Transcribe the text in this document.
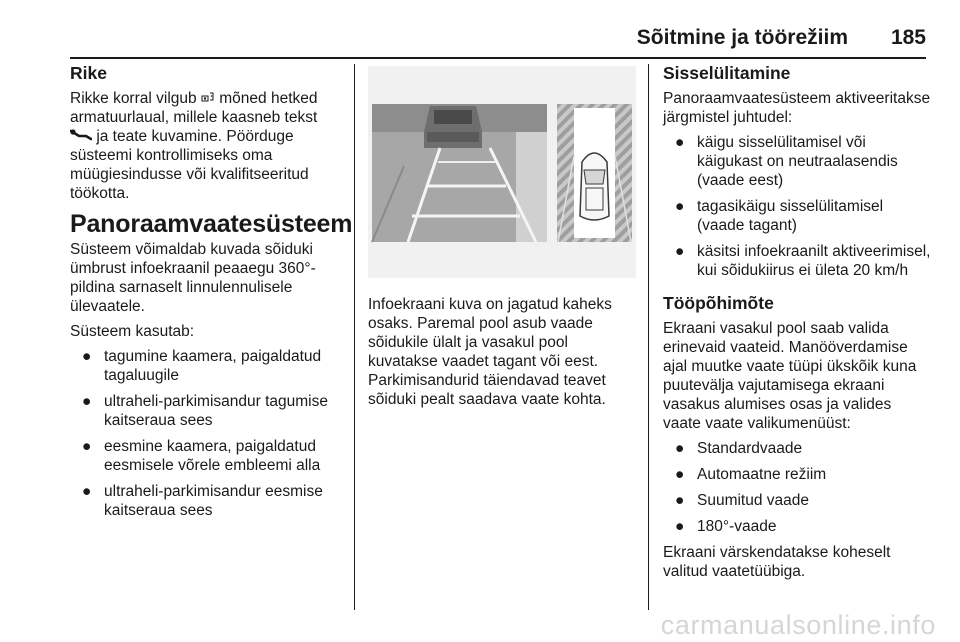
Sõitmine ja töörežiim 185
Rike

Rikke korral vilgub mõned hetked armatuurlaual, millele kaasneb tekst  ja teate kuvamine. Pöörduge süsteemi kontrollimiseks oma müügiesindusse või kvalifitseeritud töökotta.

Panoraamvaatesüsteem

Süsteem võimaldab kuvada sõiduki ümbrust infoekraanil peaaegu 360°-pildina sarnaselt linnulennulisele ülevaatele.

Süsteem kasutab:

● tagumine kaamera, paigaldatud tagaluugile
● ultraheli-parkimisandur tagumise kaitseraua sees
● eesmine kaamera, paigaldatud eesmisele võrele embleemi alla
● ultraheli-parkimisandur eesmise kaitseraua sees

Infoekraani kuva on jagatud kaheks osaks. Paremal pool asub vaade sõidukile ülalt ja vasakul pool kuvatakse vaadet tagant või eest. Parkimisandurid täiendavad teavet sõiduki pealt saadava vaate kohta.

Sisselülitamine

Panoraamvaatesüsteem aktiveeritakse järgmistel juhtudel:

● käigu sisselülitamisel või käigukast on neutraalasendis (vaade eest)
● tagasikäigu sisselülitamisel (vaade tagant)
● käsitsi infoekraanilt aktiveerimisel, kui sõidukiirus ei ületa 20 km/h
Tööpõhimõte

Ekraani vasakul pool saab valida erinevaid vaateid. Manööverdamise ajal muutke vaate tüüpi ükskõik kuna puutevälja vajutamisega ekraani vasakus alumises osas ja valides vaate vaate valikumenüüst:

● Standardvaade
● Automaatne režiim
● Suumitud vaade
● 180°-vaade

Ekraani värskendatakse koheselt valitud vaatetüübiga.

carmanualsonline.info
